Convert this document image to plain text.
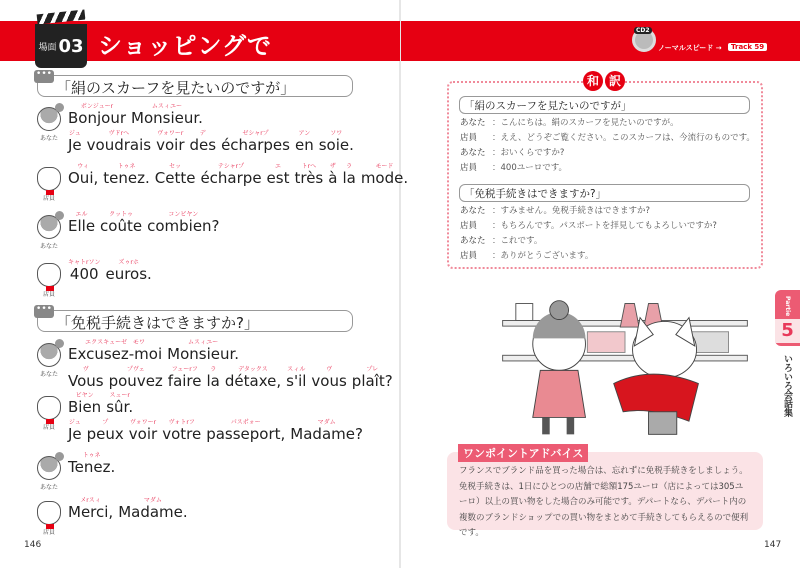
場面 03 ショッピングで
•••
「絹のスカーフを見たいのですが」
•••
「免税手続きはできますか?」
ボンジューr
Bonjour
ムスィユー
Monsieur.
あなた
ジュ
Je
ヴドrへ
voudrais
ヴォワーr
voir
デ
des
ゼシャrプ
écharpes
アン
en
ソワ
soie.
ウィ
Oui,
トゥネ
tenez.
セッ
Cette
テシャrプ
écharpe
エ
est
トrへ
très
ザ
à
ラ
la
モード
mode.
店員
エル
Elle
クットゥ
coûte
コンビヤン
combien?
あなた
キャトrソン
400
ズゥrホ
euros.
店員
エクスキューゼ　モワ
Excusez-moi
ムスィユー
Monsieur.
あなた
ヴ
Vous
プヴェ
pouvez
フェーrフ
faire
ラ
la
デタックス
détaxe,
スィル
s'il
ヴ
vous
プレ
plaît?
ビヤン
Bien
スューr
sûr.
店員
ジュ
Je
プ
peux
ヴォワーr
voir
ヴォトrフ
votre
パスポォー
passeport,
マダム
Madame?
トゥネ
Tenez.
あなた
メrスィ
Merci,
マダム
Madame.
店員
146
CD2
ノーマルスピード →	Track 59
和 訳
「絹のスカーフを見たいのですが」
あなた ：こんにちは。絹のスカーフを見たいのですが。
店員	：ええ、どうぞご覧ください。このスカーフは、今流行のものです。
あなた ：おいくらですか?
店員	：400ユーロです。
「免税手続きはできますか?」
あなた ：すみません。免税手続きはできますか?
店員	：もちろんです。パスポートを拝見してもよろしいですか?
あなた ：これです。
店員	：ありがとうございます。

フランスでブランド品を買った場合は、忘れずに免税手続きをしましょう。免税手続きは、1日にひとつの店舗で総額175ユーロ（店によっては305ユーロ）以上の買い物をした場合のみ可能です。デパートなら、デパート内の複数のブランドショップでの買い物をまとめて手続きしてもらえるので便利です。

ワンポイントアドバイス
Partie
5
いろいろ会話集
147
